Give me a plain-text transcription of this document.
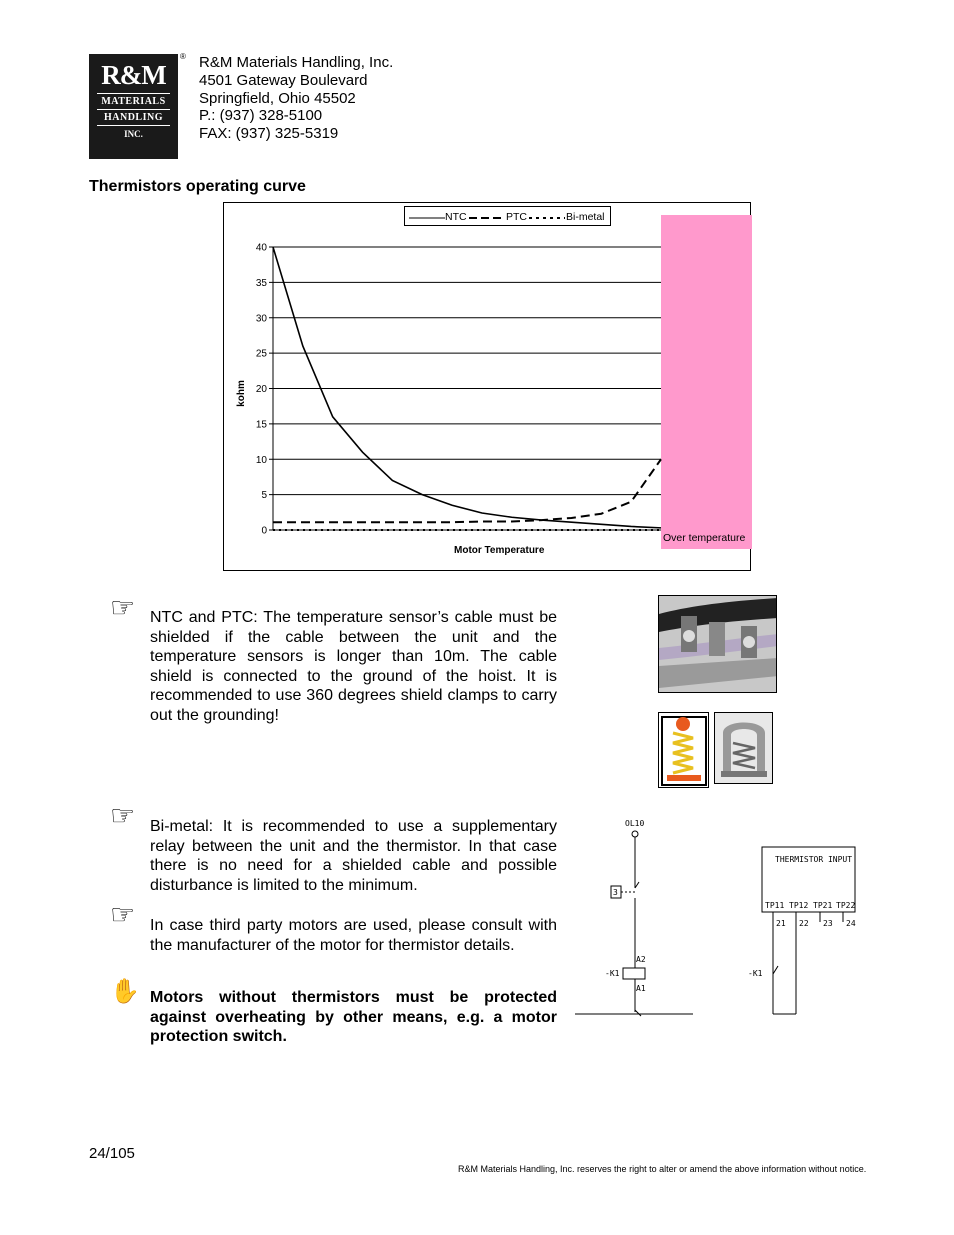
R&M
MATERIALS
HANDLING
INC.
® R&M Materials Handling, Inc.
4501 Gateway Boulevard
Springfield, Ohio 45502
P.: (937) 328-5100
FAX: (937) 325-5319
Thermistors operating curve
0
5
10
15
20
25
30
35
40
Over temperature
NTC	PTC	Bi-metal
kohm
Motor Temperature
☞ NTC and PTC: The temperature sensor’s cable must be shielded if the cable between the unit and the temperature sensors is longer than 10m. The cable shield is connected to the ground of the hoist. It is recommended to use 360 degrees shield clamps to carry out the grounding!
☞ Bi-metal: It is recommended to use a supplementary relay between the unit and the thermistor. In that case there is no need for a shielded cable and possible disturbance is limited to the minimum.
☞ In case third party motors are used, please consult with the manufacturer of the motor for thermistor details.
✋ Motors without thermistors must be protected against overheating by other means, e.g. a motor protection switch.
OL10
3
A2
-K1
A1
THERMISTOR INPUT
TP11 TP12 TP21 TP22
21 22 23 24
-K1
24/105
R&M Materials Handling, Inc. reserves the right to alter or amend the above information without notice.
